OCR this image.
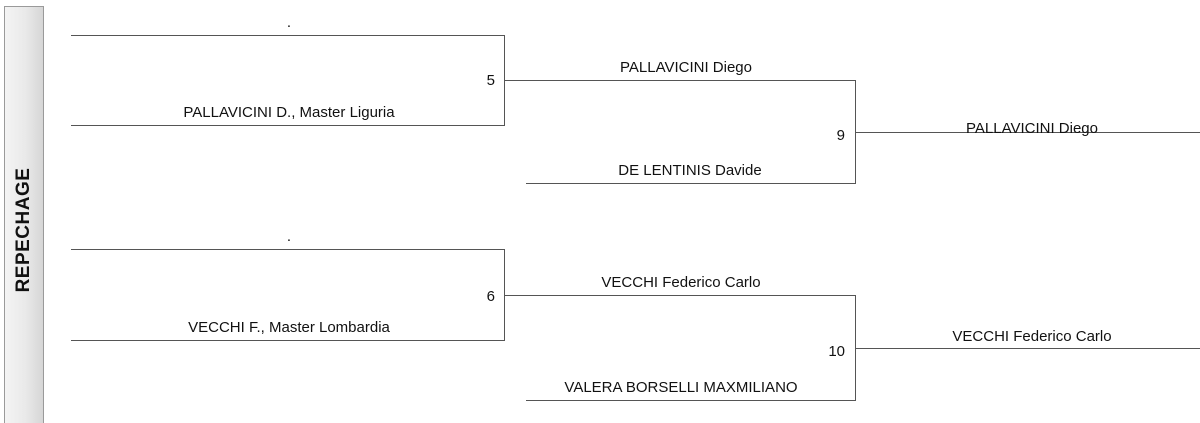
REPECHAGE
.
PALLAVICINI D., Master Liguria
5
PALLAVICINI Diego
DE LENTINIS Davide
9	PALLAVICINI Diego
.
VECCHI F., Master Lombardia
6
VECCHI Federico Carlo
VALERA BORSELLI MAXMILIANO
10
VECCHI Federico Carlo
